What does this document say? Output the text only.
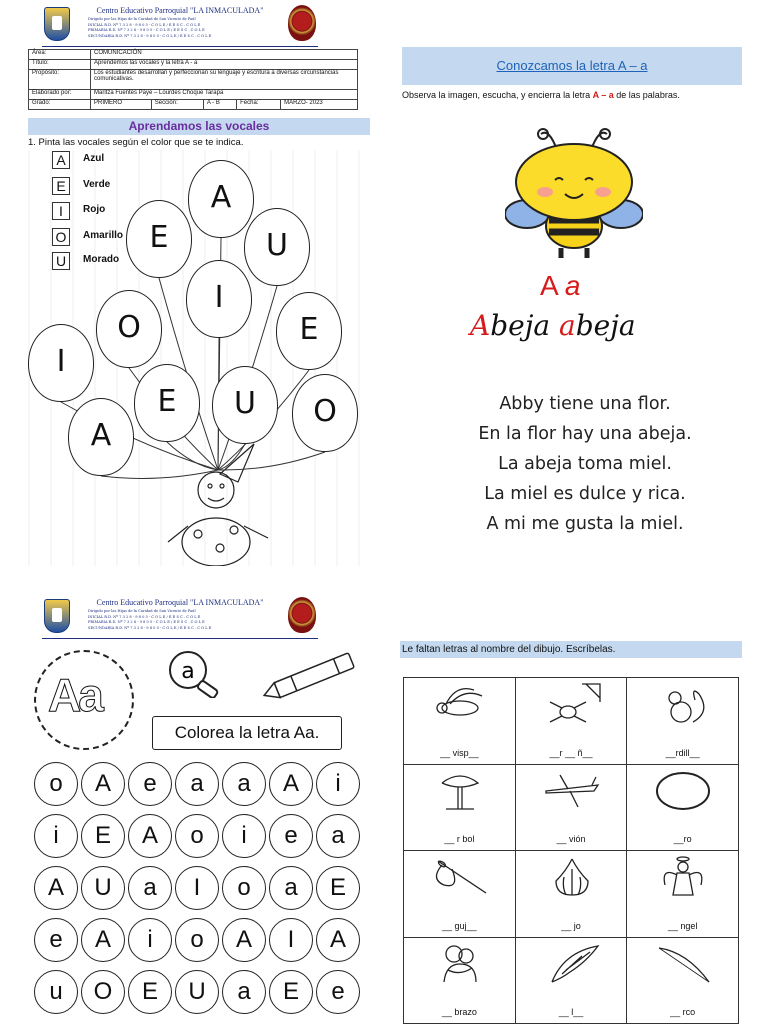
Centro Educativo Parroquial "LA INMACULADA"
Dirigido por las Hijas de la Caridad de San Vicente de Paúl
INICIAL R.D. Nº 7 3 2 8 - 9 8 0 5 - C O L E / E E S C . C O L E
PRIMARIA R.D. Nº 7 3 2 8 - 9 8 0 5 - C O L E / E E S C . C O L E
SECUNDARIA R.D. Nº 7 3 2 8 - 9 8 0 5 - C O L E / E E S C . C O L E
Área:	COMUNICACIÓN				
Título:	Aprendemos las vocales y la letra A - a				
Propósito:	Los estudiantes desarrollan y perfeccionan su lenguaje y escritura a diversas circunstancias comunicativas.				
Elaborado por:	Maritza Fuentes Paye – Lourdes Choque Tarapa				
Grado:	PRIMERO	Sección:	A - B	Fecha:	MARZO- 2023
Aprendamos las vocales
1. Pinta las vocales según el color que se te indica.
A
E	U
I
O	E
I
E	U	O
A
A	Azul
E	Verde
I	Rojo
O	Amarillo
U	Morado
Conozcamos la letra A – a
Observa la imagen, escucha, y encierra la letra A – a de las palabras.
A a
Abeja abeja
Abby tiene una flor.
En la flor hay una abeja.
La abeja toma miel.
La miel es dulce y rica.
A mi me gusta la miel.
Centro Educativo Parroquial "LA INMACULADA"
Dirigido por las Hijas de la Caridad de San Vicente de Paúl
INICIAL R.D. Nº 7 3 2 8 - 9 8 0 5 - C O L E / E E S C . C O L E
PRIMARIA R.D. Nº 7 3 2 8 - 9 8 0 5 - C O L E / E E S C . C O L E
SECUNDARIA R.D. Nº 7 3 2 8 - 9 8 0 5 - C O L E / E E S C . C O L E
Aa	a
Colorea la letra Aa.
o	A	e	a	a	A	i
i	E	A	o	i	e	a
A	U	a	I	o	a	E
e	A	i	o	A	I	A
u	O	E	U	a	E	e
Le faltan letras al nombre del dibujo. Escríbelas.
__ visp__	__r __ ñ__	__rdill__

__ r bol	__ vión	__ro

__ guj__	__ jo	__ ngel

__ brazo	__ l__	__ rco
